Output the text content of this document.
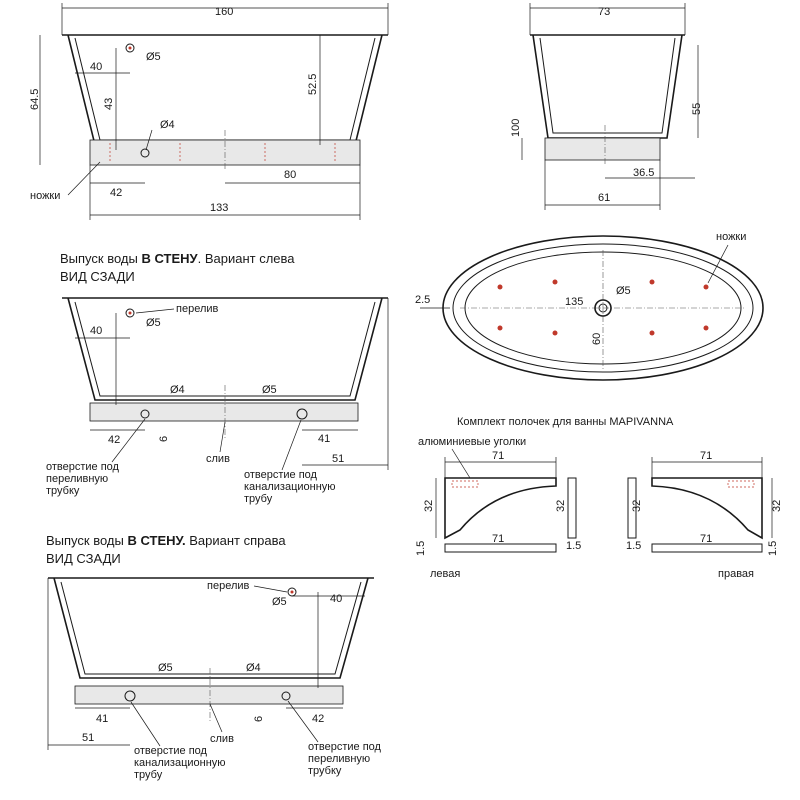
160
64.5
40
Ø5
43
52.5
Ø4
42
80
133
ножки
73
55
100
36.5
61
ножки
2.5	135
Ø5
60
Выпуск воды В СТЕНУ. Вариант слева
ВИД СЗАДИ
перелив
40
Ø5
Ø4	Ø5
42	6	41
51
слив
отверстие под переливную трубку
отверстие под канализационную трубу
Выпуск воды В СТЕНУ. Вариант справа
ВИД СЗАДИ
перелив
Ø5	40
Ø5	Ø4
41	6	42
51	слив
отверстие под канализационную трубу
отверстие под переливную трубку
Комплект полочек для ванны MAPIVANNA
алюминиевые уголки
71
32	32
71
1.5	1.5
левая
71
32	32
71
1.5	1.5
правая
